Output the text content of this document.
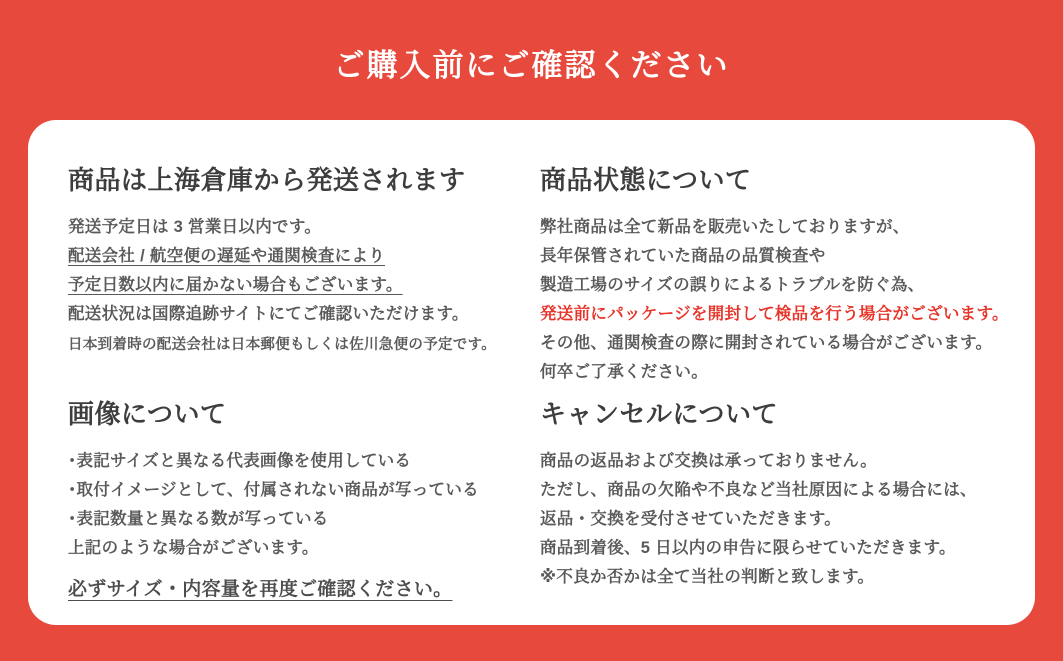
ご購入前にご確認ください
商品は上海倉庫から発送されます

発送予定日は 3 営業日以内です。

配送会社 / 航空便の遅延や通関検査により

予定日数以内に届かない場合もございます。

配送状況は国際追跡サイトにてご確認いただけます。

日本到着時の配送会社は日本郵便もしくは佐川急便の予定です。

商品状態について

弊社商品は全て新品を販売いたしておりますが、

長年保管されていた商品の品質検査や

製造工場のサイズの誤りによるトラブルを防ぐ為、

発送前にパッケージを開封して検品を行う場合がございます。

その他、通関検査の際に開封されている場合がございます。

何卒ご了承ください。

画像について

･表記サイズと異なる代表画像を使用している

･取付イメージとして、付属されない商品が写っている

･表記数量と異なる数が写っている

上記のような場合がございます。

必ずサイズ・内容量を再度ご確認ください。

キャンセルについて

商品の返品および交換は承っておりません。

ただし、商品の欠陥や不良など当社原因による場合には、

返品・交換を受付させていただきます。

商品到着後、5 日以内の申告に限らせていただきます。

※不良か否かは全て当社の判断と致します。
